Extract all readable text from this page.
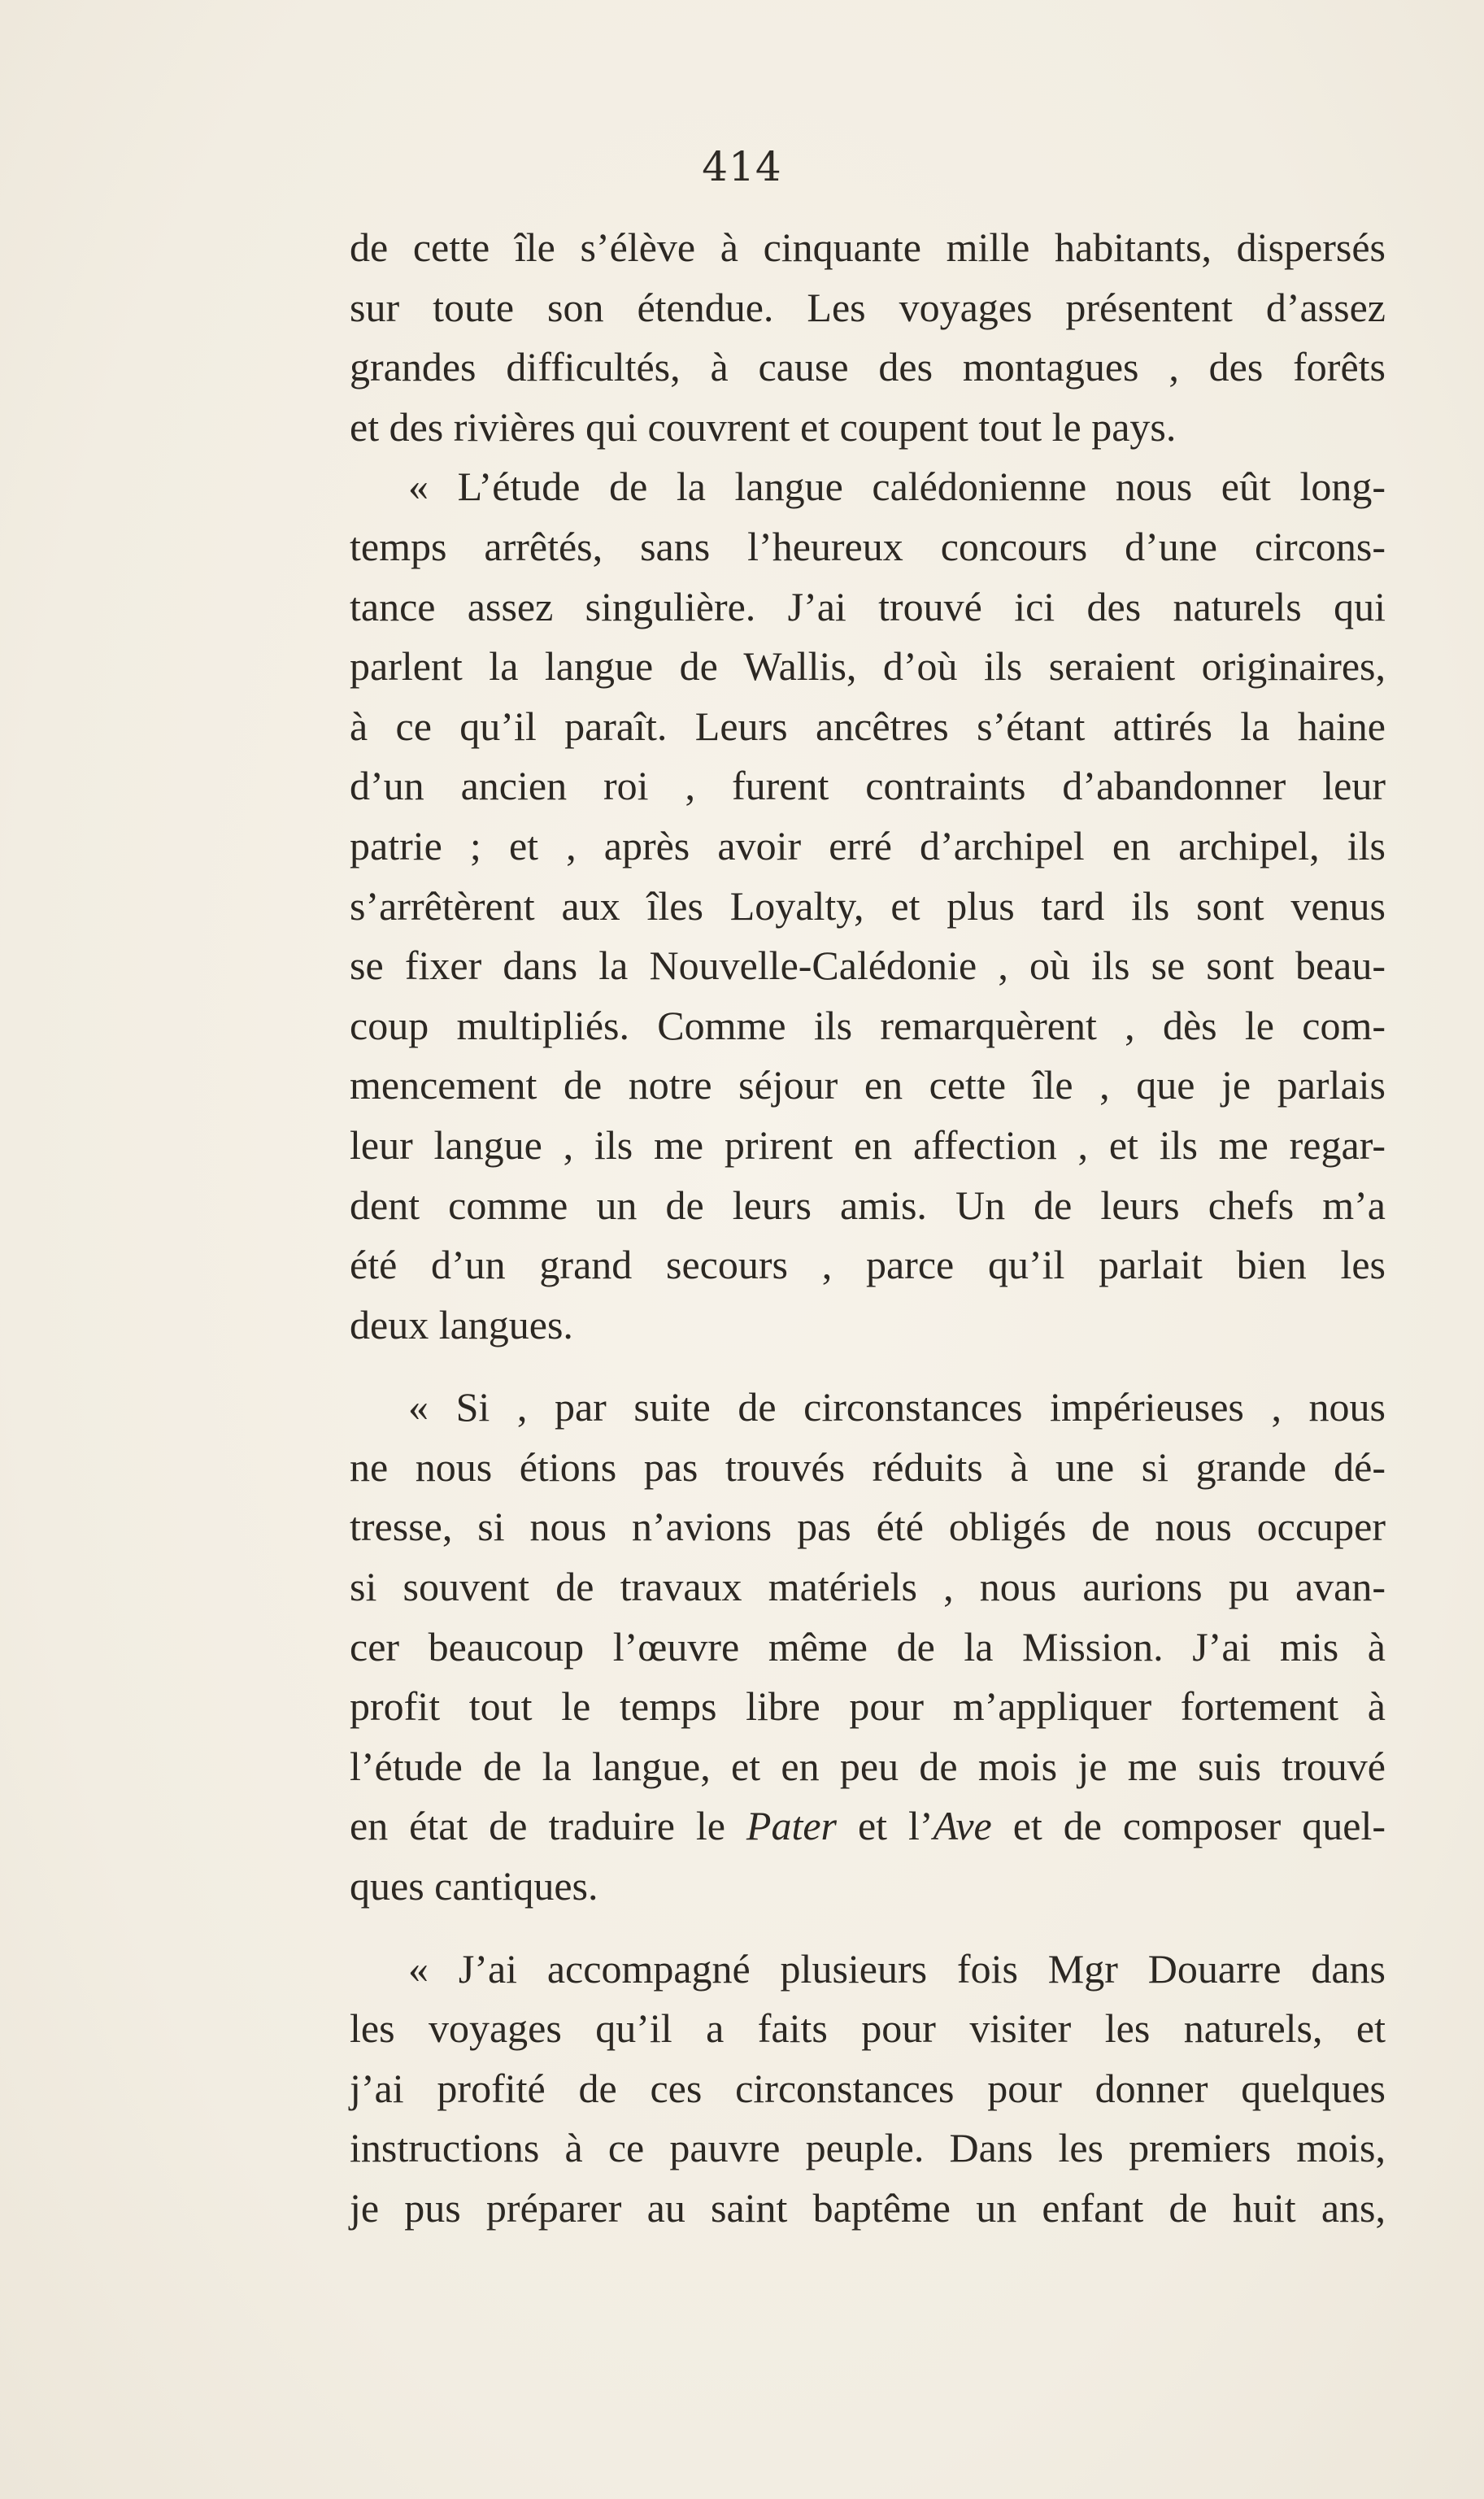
414
de cette île s’élève à cinquante mille habitants, dispersés
sur toute son étendue. Les voyages présentent d’assez
grandes difficultés, à cause des montagues , des forêts
et des rivières qui couvrent et coupent tout le pays.
« L’étude de la langue calédonienne nous eût long-
temps arrêtés, sans l’heureux concours d’une circons-
tance assez singulière. J’ai trouvé ici des naturels qui
parlent la langue de Wallis, d’où ils seraient originaires,
à ce qu’il paraît. Leurs ancêtres s’étant attirés la haine
d’un ancien roi , furent contraints d’abandonner leur
patrie ; et , après avoir erré d’archipel en archipel, ils
s’arrêtèrent aux îles Loyalty, et plus tard ils sont venus
se fixer dans la Nouvelle-Calédonie , où ils se sont beau-
coup multipliés. Comme ils remarquèrent , dès le com-
mencement de notre séjour en cette île , que je parlais
leur langue , ils me prirent en affection , et ils me regar-
dent comme un de leurs amis. Un de leurs chefs m’a
été d’un grand secours , parce qu’il parlait bien les
deux langues.
« Si , par suite de circonstances impérieuses , nous
ne nous étions pas trouvés réduits à une si grande dé-
tresse, si nous n’avions pas été obligés de nous occuper
si souvent de travaux matériels , nous aurions pu avan-
cer beaucoup l’œuvre même de la Mission. J’ai mis à
profit tout le temps libre pour m’appliquer fortement à
l’étude de la langue, et en peu de mois je me suis trouvé
en état de traduire le Pater et l’Ave et de composer quel-
ques cantiques.
« J’ai accompagné plusieurs fois Mgr Douarre dans
les voyages qu’il a faits pour visiter les naturels, et
j’ai profité de ces circonstances pour donner quelques
instructions à ce pauvre peuple. Dans les premiers mois,
je pus préparer au saint baptême un enfant de huit ans,
